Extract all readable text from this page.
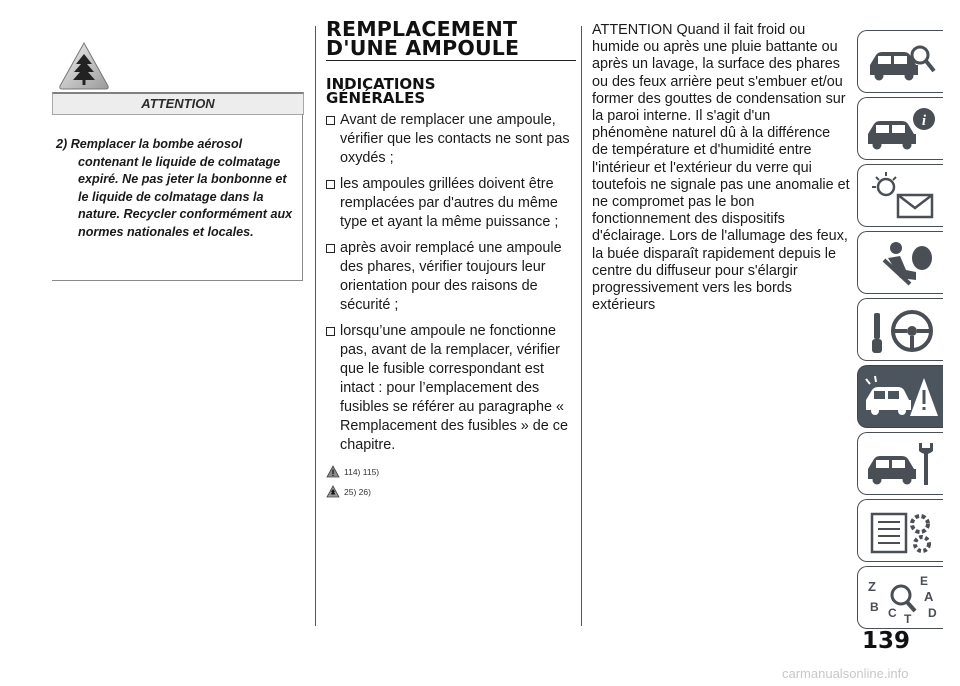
ATTENTION

2) Remplacer la bombe aérosol contenant le liquide de colmatage expiré. Ne pas jeter la bonbonne et le liquide de colmatage dans la nature. Recycler conformément aux normes nationales et locales.

REMPLACEMENT
D'UNE AMPOULE
INDICATIONS
GÉNÉRALES
Avant de remplacer une ampoule, vérifier que les contacts ne sont pas oxydés ;
les ampoules grillées doivent être remplacées par d'autres du même type et ayant la même puissance ;
après avoir remplacé une ampoule des phares, vérifier toujours leur orientation pour des raisons de sécurité ;
lorsqu’une ampoule ne fonctionne pas, avant de la remplacer, vérifier que le fusible correspondant est intact : pour l’emplacement des fusibles se référer au paragraphe « Remplacement des fusibles » de ce chapitre.
114) 115)
25) 26)

ATTENTION Quand il fait froid ou humide ou après une pluie battante ou après un lavage, la surface des phares ou des feux arrière peut s'embuer et/ou former des gouttes de condensation sur la paroi interne. Il s'agit d'un phénomène naturel dû à la différence de température et d'humidité entre l'intérieur et l'extérieur du verre qui toutefois ne signale pas une anomalie et ne compromet pas le bon fonctionnement des dispositifs d'éclairage. Lors de l'allumage des feux, la buée disparaît rapidement depuis le centre du diffuseur pour s'élargir progressivement vers les bords extérieurs

i
Z	E
A
B	D
C T
139
carmanualsonline.info
